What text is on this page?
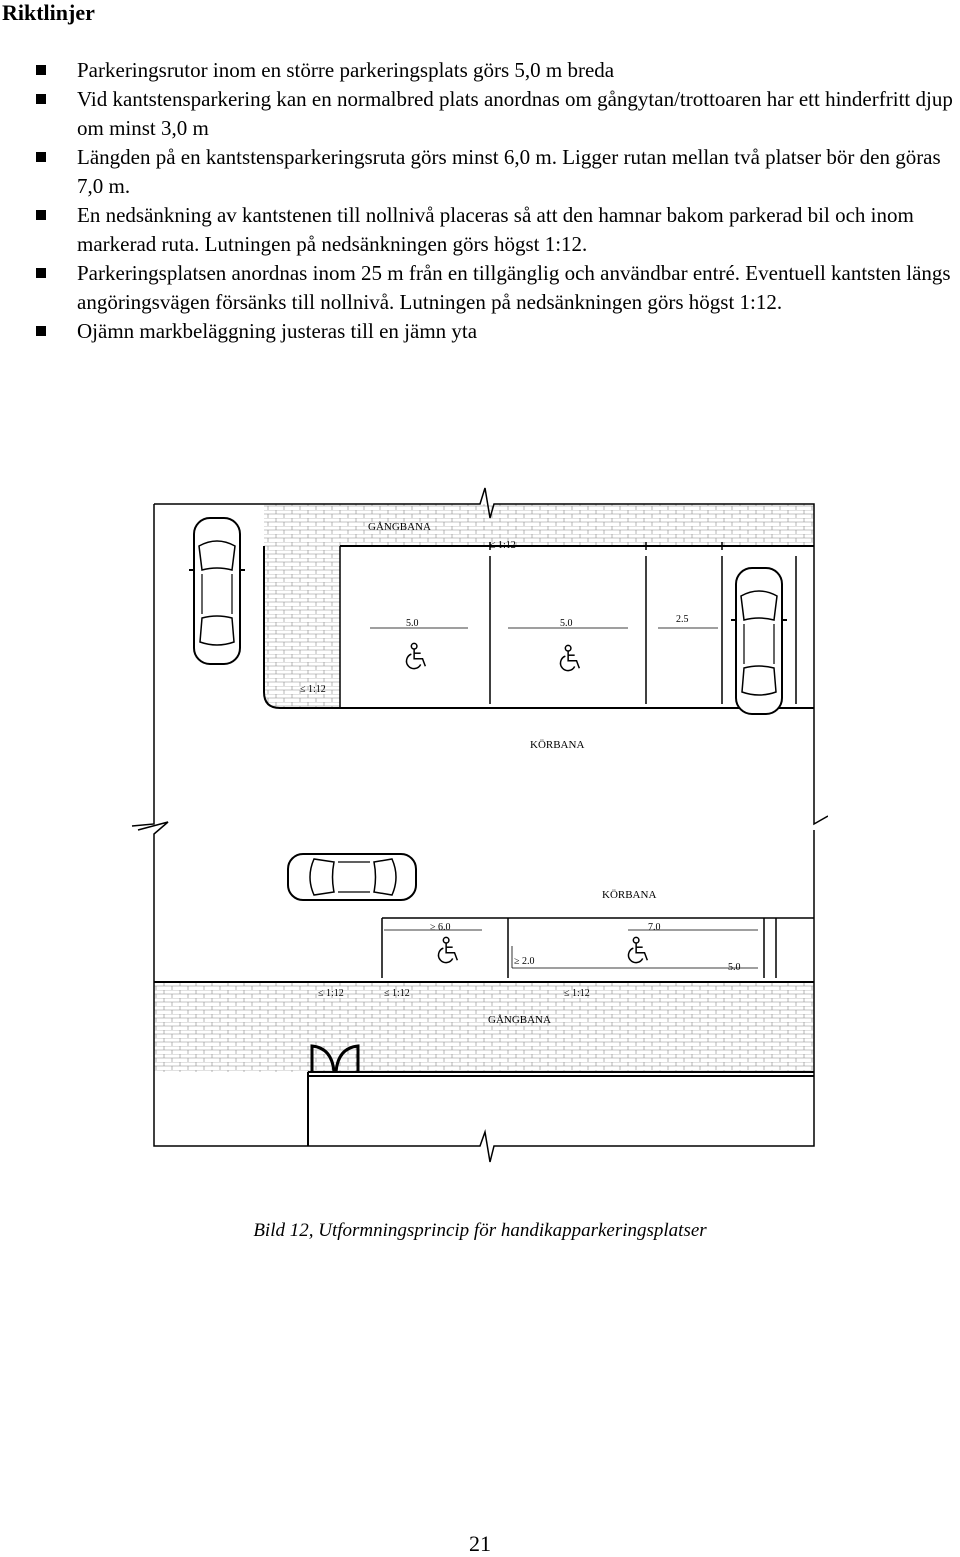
Riktlinjer
Parkeringsrutor inom en större parkeringsplats görs 5,0 m breda
Vid kantstensparkering kan en normalbred plats anordnas om gångytan/trottoaren har ett hinderfritt djup om minst 3,0 m
Längden på en kantstensparkeringsruta görs minst 6,0 m. Ligger rutan mellan två platser bör den göras 7,0 m.
En nedsänkning av kantstenen till nollnivå placeras så att den hamnar bakom parkerad bil och inom markerad ruta. Lutningen på nedsänkningen görs högst 1:12.
Parkeringsplatsen anordnas inom 25 m från en tillgänglig och användbar entré. Eventuell kantsten längs angöringsvägen försänks till nollnivå. Lutningen på nedsänkningen görs högst 1:12.
Ojämn markbeläggning justeras till en jämn yta
GÅNGBANA
≤ 1:12
≤ 1:12
5.0	5.0	2.5
KÖRBANA
KÖRBANA
≥ 6.0	7.0
≥ 2.0
5.0
≤ 1:12	≤ 1:12	≤ 1:12
GÅNGBANA
Bild 12, Utformningsprincip för handikapparkeringsplatser
21
